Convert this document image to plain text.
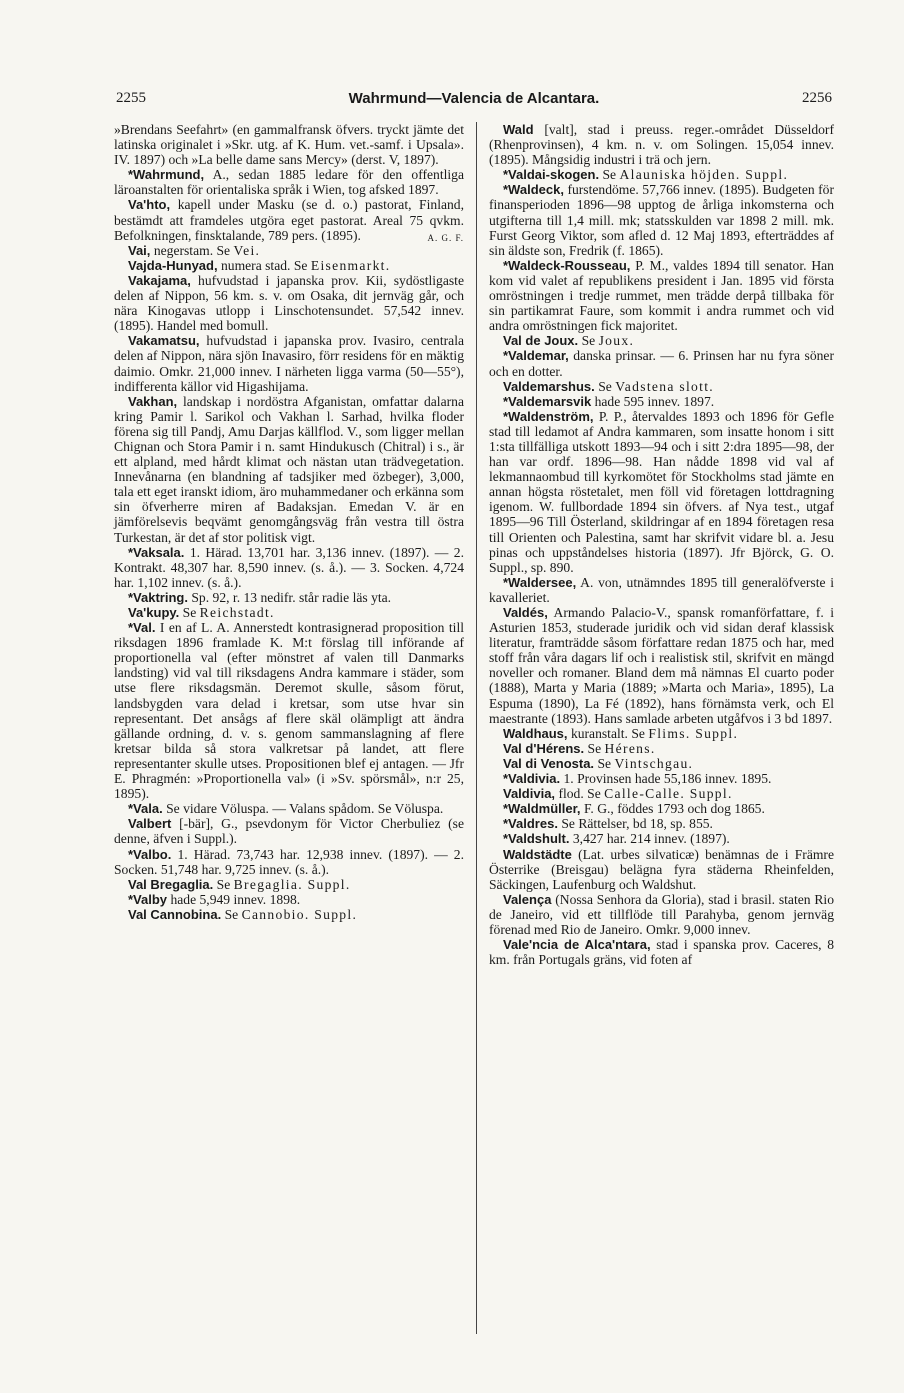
2255	Wahrmund—Valencia de Alcantara.	2256

»Brendans Seefahrt» (en gammalfransk öfvers. tryckt jämte det latinska originalet i »Skr. utg. af K. Hum. vet.-samf. i Upsala». IV. 1897) och »La belle dame sans Mercy» (derst. V, 1897).

*Wahrmund, A., sedan 1885 ledare för den offentliga läroanstalten för orientaliska språk i Wien, tog afsked 1897.

Va'hto, kapell under Masku (se d. o.) pastorat, Finland, bestämdt att framdeles utgöra eget pastorat. Areal 75 qvkm. Befolkningen, finsktalande, 789 pers. (1895).	A. G. F.

Vai, negerstam. Se Vei.

Vajda-Hunyad, numera stad. Se Eisenmarkt.

Vakajama, hufvudstad i japanska prov. Kii, sydöstligaste delen af Nippon, 56 km. s. v. om Osaka, dit jernväg går, och nära Kinogavas utlopp i Linschotensundet. 57,542 innev. (1895). Handel med bomull.

Vakamatsu, hufvudstad i japanska prov. Ivasiro, centrala delen af Nippon, nära sjön Inavasiro, förr residens för en mäktig daimio. Omkr. 21,000 innev. I närheten ligga varma (50—55°), indifferenta källor vid Higashijama.

Vakhan, landskap i nordöstra Afganistan, omfattar dalarna kring Pamir l. Sarikol och Vakhan l. Sarhad, hvilka floder förena sig till Pandj, Amu Darjas källflod. V., som ligger mellan Chignan och Stora Pamir i n. samt Hindukusch (Chitral) i s., är ett alpland, med hårdt klimat och nästan utan trädvegetation. Innevånarna (en blandning af tadsjiker med özbeger), 3,000, tala ett eget iranskt idiom, äro muhammedaner och erkänna som sin öfverherre miren af Badaksjan. Emedan V. är en jämförelsevis beqvämt genomgångsväg från vestra till östra Turkestan, är det af stor politisk vigt.

*Vaksala. 1. Härad. 13,701 har. 3,136 innev. (1897). — 2. Kontrakt. 48,307 har. 8,590 innev. (s. å.). — 3. Socken. 4,724 har. 1,102 innev. (s. å.).

*Vaktring. Sp. 92, r. 13 nedifr. står radie läs yta.

Va'kupy. Se Reichstadt.

*Val. I en af L. A. Annerstedt kontrasignerad proposition till riksdagen 1896 framlade K. M:t förslag till införande af proportionella val (efter mönstret af valen till Danmarks landsting) vid val till riksdagens Andra kammare i städer, som utse flere riksdagsmän. Deremot skulle, såsom förut, landsbygden vara delad i kretsar, som utse hvar sin representant. Det ansågs af flere skäl olämpligt att ändra gällande ordning, d. v. s. genom sammanslagning af flere kretsar bilda så stora valkretsar på landet, att flere representanter skulle utses. Propositionen blef ej antagen. — Jfr E. Phragmén: »Proportionella val» (i »Sv. spörsmål», n:r 25, 1895).

*Vala. Se vidare Völuspa. — Valans spådom. Se Völuspa.

Valbert [-bär], G., psevdonym för Victor Cherbuliez (se denne, äfven i Suppl.).

*Valbo. 1. Härad. 73,743 har. 12,938 innev. (1897). — 2. Socken. 51,748 har. 9,725 innev. (s. å.).

Val Bregaglia. Se Bregaglia. Suppl.

*Valby hade 5,949 innev. 1898.

Val Cannobina. Se Cannobio. Suppl.

Wald [valt], stad i preuss. reger.-området Düsseldorf (Rhenprovinsen), 4 km. n. v. om Solingen. 15,054 innev. (1895). Mångsidig industri i trä och jern.

*Valdai-skogen. Se Alauniska höjden. Suppl.

*Waldeck, furstendöme. 57,766 innev. (1895). Budgeten för finansperioden 1896—98 upptog de årliga inkomsterna och utgifterna till 1,4 mill. mk; statsskulden var 1898 2 mill. mk. Furst Georg Viktor, som afled d. 12 Maj 1893, efterträddes af sin äldste son, Fredrik (f. 1865).

*Waldeck-Rousseau, P. M., valdes 1894 till senator. Han kom vid valet af republikens president i Jan. 1895 vid första omröstningen i tredje rummet, men trädde derpå tillbaka för sin partikamrat Faure, som kommit i andra rummet och vid andra omröstningen fick majoritet.

Val de Joux. Se Joux.

*Valdemar, danska prinsar. — 6. Prinsen har nu fyra söner och en dotter.

Valdemarshus. Se Vadstena slott.

*Valdemarsvik hade 595 innev. 1897.

*Waldenström, P. P., återvaldes 1893 och 1896 för Gefle stad till ledamot af Andra kammaren, som insatte honom i sitt 1:sta tillfälliga utskott 1893—94 och i sitt 2:dra 1895—98, der han var ordf. 1896—98. Han nådde 1898 vid val af lekmannaombud till kyrkomötet för Stockholms stad jämte en annan högsta röstetalet, men föll vid företagen lottdragning igenom. W. fullbordade 1894 sin öfvers. af Nya test., utgaf 1895—96 Till Österland, skildringar af en 1894 företagen resa till Orienten och Palestina, samt har skrifvit vidare bl. a. Jesu pinas och uppståndelses historia (1897). Jfr Björck, G. O. Suppl., sp. 890.

*Waldersee, A. von, utnämndes 1895 till generalöfverste i kavalleriet.

Valdés, Armando Palacio-V., spansk romanförfattare, f. i Asturien 1853, studerade juridik och vid sidan deraf klassisk literatur, framträdde såsom författare redan 1875 och har, med stoff från våra dagars lif och i realistisk stil, skrifvit en mängd noveller och romaner. Bland dem må nämnas El cuarto poder (1888), Marta y Maria (1889; »Marta och Maria», 1895), La Espuma (1890), La Fé (1892), hans förnämsta verk, och El maestrante (1893). Hans samlade arbeten utgåfvos i 3 bd 1897.

Waldhaus, kuranstalt. Se Flims. Suppl.

Val d'Hérens. Se Hérens.

Val di Venosta. Se Vintschgau.

*Valdivia. 1. Provinsen hade 55,186 innev. 1895.

Valdivia, flod. Se Calle-Calle. Suppl.

*Waldmüller, F. G., föddes 1793 och dog 1865.

*Valdres. Se Rättelser, bd 18, sp. 855.

*Valdshult. 3,427 har. 214 innev. (1897).

Waldstädte (Lat. urbes silvaticæ) benämnas de i Främre Österrike (Breisgau) belägna fyra städerna Rheinfelden, Säckingen, Laufenburg och Waldshut.

Valença (Nossa Senhora da Gloria), stad i brasil. staten Rio de Janeiro, vid ett tillflöde till Parahyba, genom jernväg förenad med Rio de Janeiro. Omkr. 9,000 innev.

Vale'ncia de Alca'ntara, stad i spanska prov. Caceres, 8 km. från Portugals gräns, vid foten af
